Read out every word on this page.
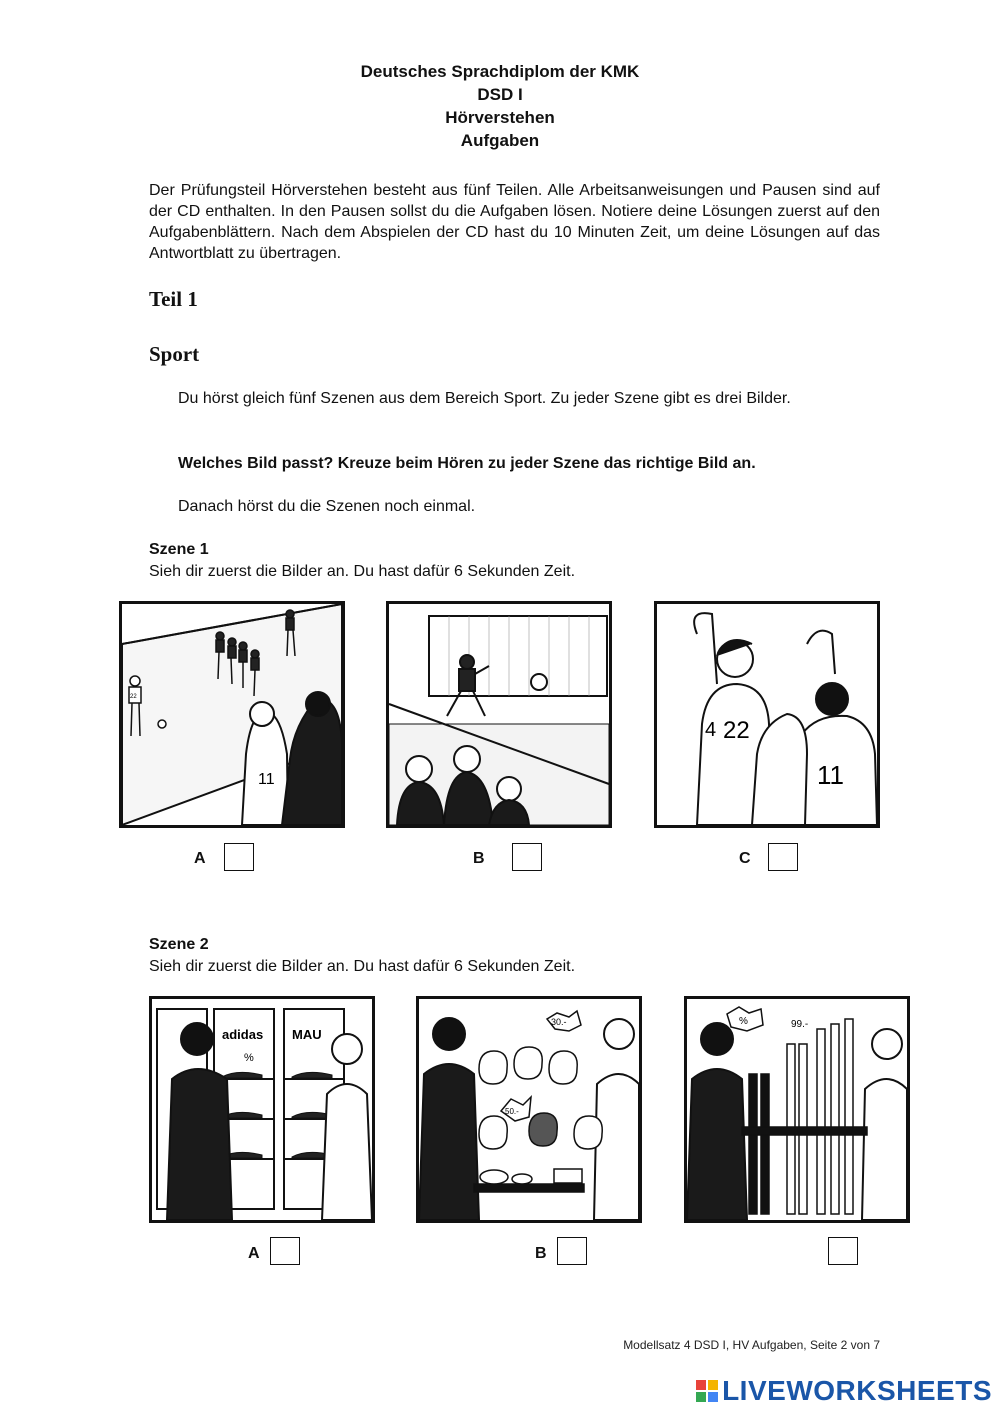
Deutsches Sprachdiplom der KMK
DSD I
Hörverstehen
Aufgaben
Der Prüfungsteil Hörverstehen besteht aus fünf Teilen. Alle Arbeitsanweisungen und Pausen sind auf der CD enthalten. In den Pausen sollst du die Aufgaben lösen. Notiere deine Lösungen zuerst auf den Aufgabenblättern. Nach dem Abspielen der CD hast du 10 Minuten Zeit, um deine Lösungen auf das Antwortblatt zu übertragen.
Teil 1
Sport
Du hörst gleich fünf Szenen aus dem Bereich Sport. Zu jeder Szene gibt es drei Bilder.
Welches Bild passt? Kreuze beim Hören zu jeder Szene das richtige Bild an.
Danach hörst du die Szenen noch einmal.
Szene 1
Sieh dir zuerst die Bilder an. Du hast dafür 6 Sekunden Zeit.
22
11
4 22
11
A	B	C
Szene 2
Sieh dir zuerst die Bilder an. Du hast dafür 6 Sekunden Zeit.
adidas MAU
%
30.-
50.-
%	99.-
A	B
Modellsatz 4 DSD I, HV Aufgaben, Seite 2 von 7
LIVEWORKSHEETS
